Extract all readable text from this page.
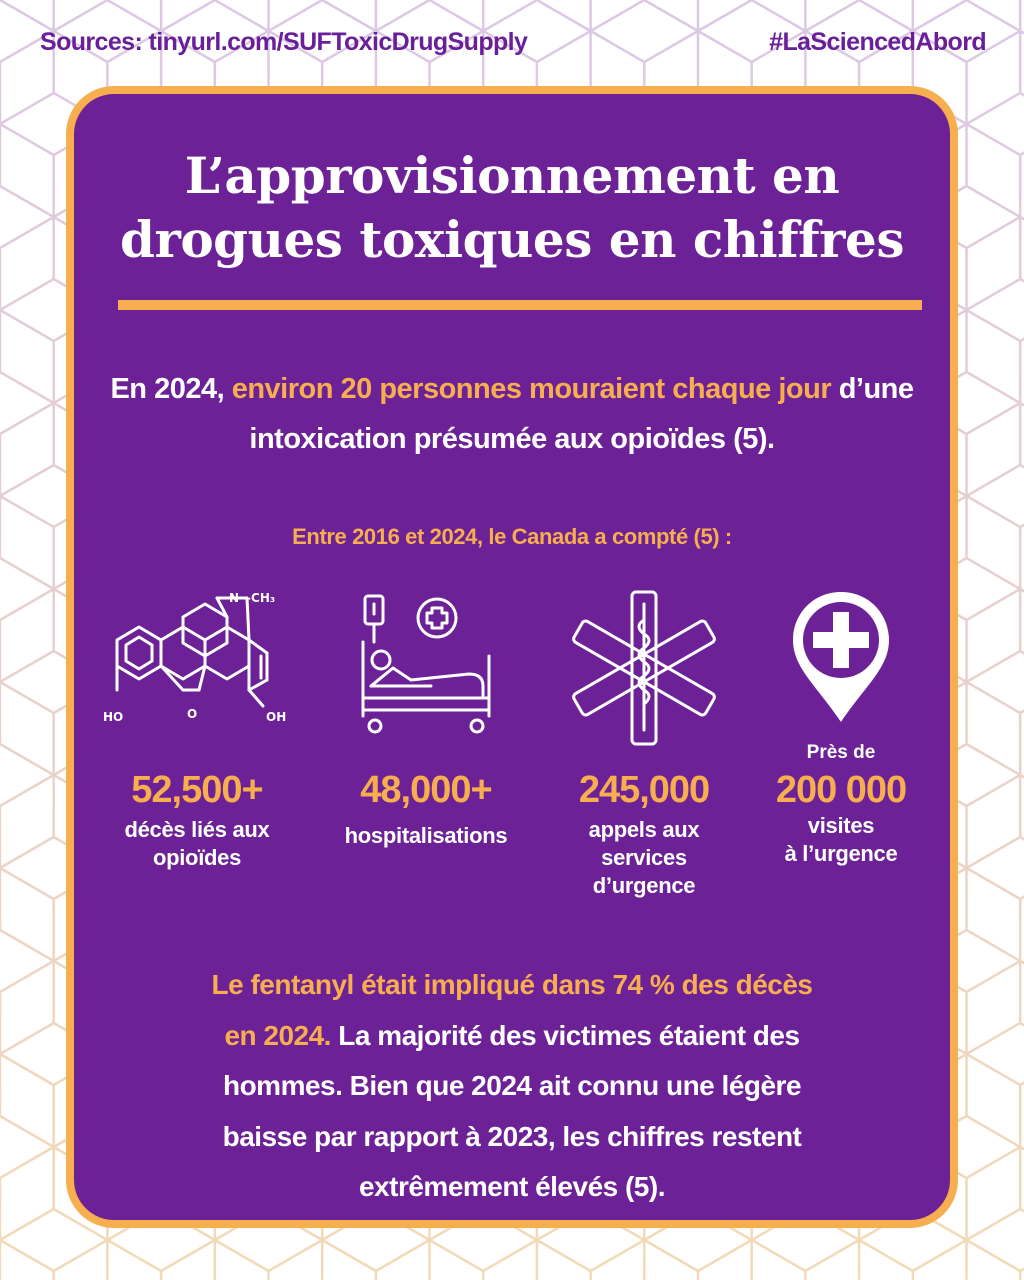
Sources: tinyurl.com/SUFToxicDrugSupply	#LaSciencedAbord
L’approvisionnement en
drogues toxiques en chiffres
En 2024, environ 20 personnes mouraient chaque jour d’une intoxication présumée aux opioïdes (5).
Entre 2016 et 2024, le Canada a compté (5) :
HO	OH
O
N—CH₃
52,500+
décès liés aux
opioïdes
48,000+
hospitalisations
245,000
appels aux
services
d’urgence
Près de
200 000
visites
à l’urgence
Le fentanyl était impliqué dans 74 % des décès
en 2024. La majorité des victimes étaient des
hommes. Bien que 2024 ait connu une légère
baisse par rapport à 2023, les chiffres restent
extrêmement élevés (5).
